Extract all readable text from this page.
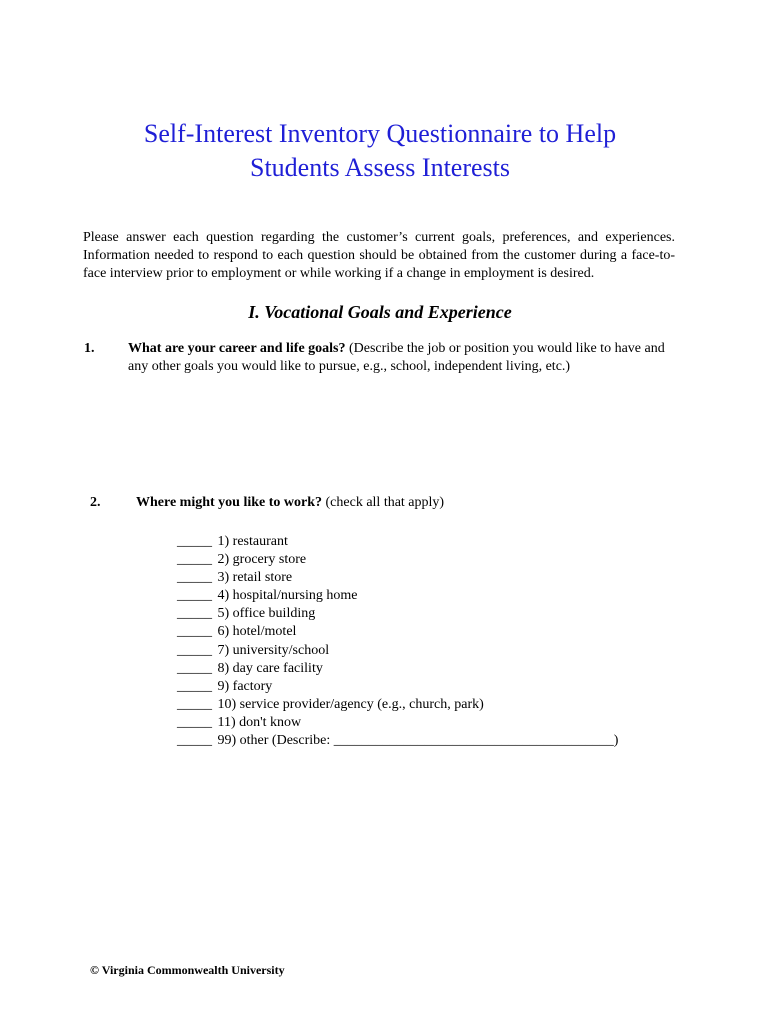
Self-Interest Inventory Questionnaire to Help
Students Assess Interests
Please answer each question regarding the customer’s current goals, preferences, and experiences. Information needed to respond to each question should be obtained from the customer during a face-to-face interview prior to employment or while working if a change in employment is desired.
I. Vocational Goals and Experience
1. What are your career and life goals? (Describe the job or position you would like to have and any other goals you would like to pursue, e.g., school, independent living, etc.)
2.	Where might you like to work? (check all that apply)
_____ 1) restaurant
_____ 2) grocery store
_____ 3) retail store
_____ 4) hospital/nursing home
_____ 5) office building
_____ 6) hotel/motel
_____ 7) university/school
_____ 8) day care facility
_____ 9) factory
_____ 10) service provider/agency (e.g., church, park)
_____ 11) don't know
_____ 99) other (Describe: ________________________________________)
© Virginia Commonwealth University
